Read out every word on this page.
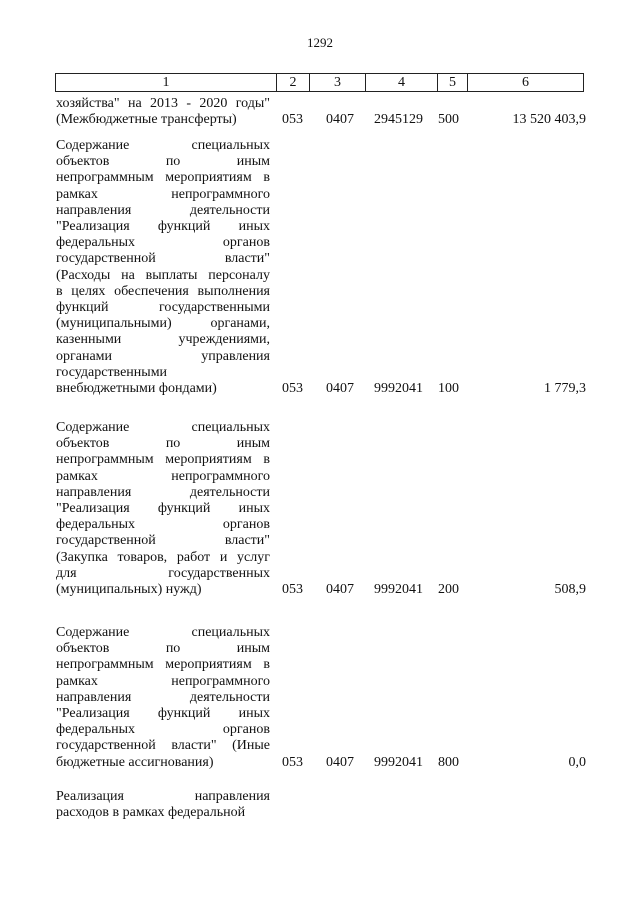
1292
1	2	3	4	5	6
хозяйства" на 2013 - 2020 годы"
(Межбюджетные трансферты)	053 0407 2945129 500	13 520 403,9
Содержание специальных
объектов по иным
непрограммным мероприятиям в
рамках непрограммного
направления деятельности
"Реализация функций иных
федеральных органов
государственной власти"
(Расходы на выплаты персоналу
в целях обеспечения выполнения
функций государственными
(муниципальными) органами,
казенными учреждениями,
органами управления
государственными
внебюджетными фондами)	053 0407 9992041 100	1 779,3
Содержание специальных
объектов по иным
непрограммным мероприятиям в
рамках непрограммного
направления деятельности
"Реализация функций иных
федеральных органов
государственной власти"
(Закупка товаров, работ и услуг
для государственных
(муниципальных) нужд)	053 0407 9992041 200	508,9
Содержание специальных
объектов по иным
непрограммным мероприятиям в
рамках непрограммного
направления деятельности
"Реализация функций иных
федеральных органов
государственной власти" (Иные
бюджетные ассигнования)	053 0407 9992041 800	0,0
Реализация направления
расходов в рамках федеральной
